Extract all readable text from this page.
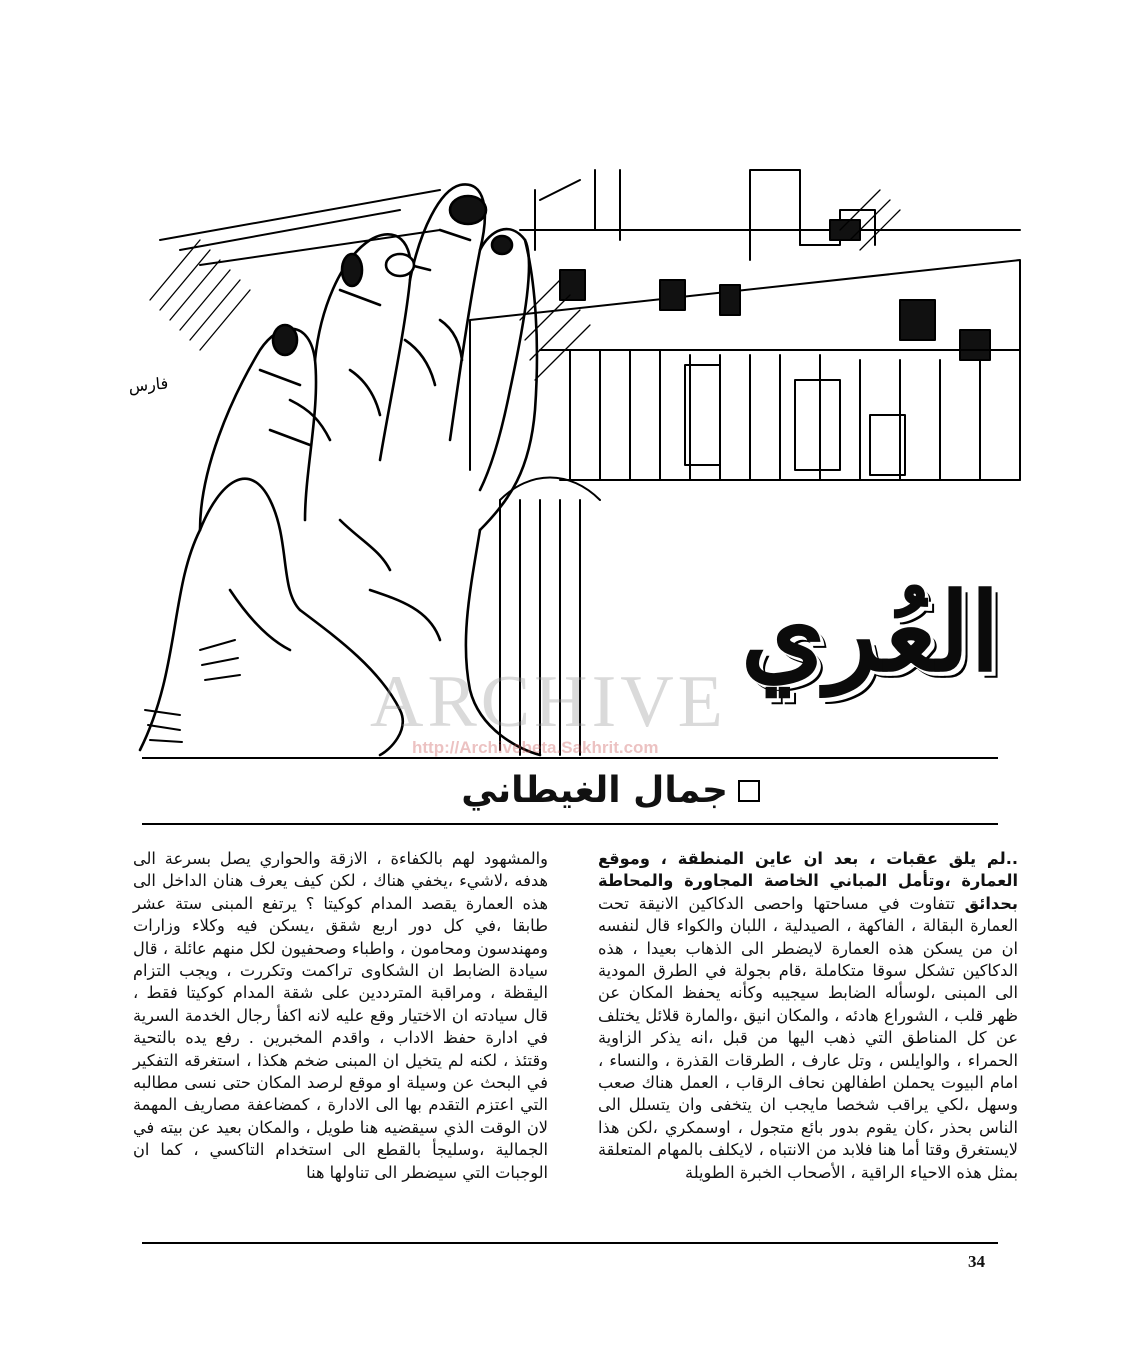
فارس
العُري
ARCHIVE
http://Archivebeta.Sakhrit.com
جمال الغيطاني
..لم يلق عقبات ، بعد ان عاين المنطقة ، وموقع العمارة ،وتأمل المباني الخاصة المجاورة والمحاطة بحدائق تتفاوت في مساحتها واحصى الدكاكين الانيقة تحت العمارة البقالة ، الفاكهة ، الصيدلية ، اللبان والكواء قال لنفسه ان من يسكن هذه العمارة لايضطر الى الذهاب بعيدا ، هذه الدكاكين تشكل سوقا متكاملة ،قام بجولة في الطرق المودية الى المبنى ،لوسأله الضابط سيجيبه وكأنه يحفظ المكان عن ظهر قلب ، الشوراع هادئه ، والمكان انيق ،والمارة قلائل يختلف عن كل المناطق التي ذهب اليها من قبل ،انه يذكر الزاوية الحمراء ، والوايلس ، وتل عارف ، الطرقات القذرة ، والنساء ، امام البيوت يحملن اطفالهن نحاف الرقاب ، العمل هناك صعب وسهل ،لكي يراقب شخصا مايجب ان يتخفى وان يتسلل الى الناس بحذر ،كان يقوم بدور بائع متجول ، اوسمكري ،لكن هذا لايستغرق وقتا أما هنا فلابد من الانتباه ، لايكلف بالمهام المتعلقة بمثل هذه الاحياء الراقية ، الأصحاب الخبرة الطويلة
والمشهود لهم بالكفاءة ، الازقة والحواري يصل بسرعة الى هدفه ،لاشيء ،يخفي هناك ، لكن كيف يعرف هنان الداخل الى هذه العمارة يقصد المدام كوكيتا ؟ يرتفع المبنى ستة عشر طابقا ،في كل دور اربع شقق ،يسكن فيه وكلاء وزارات ومهندسون ومحامون ، واطباء وصحفيون لكل منهم عائلة ، قال سيادة الضابط ان الشكاوى تراكمت وتكررت ، ويجب التزام اليقظة ، ومراقبة المترددين على شقة المدام كوكيتا فقط ، قال سيادته ان الاختيار وقع عليه لانه اكفأ رجال الخدمة السرية في ادارة حفظ الاداب ، واقدم المخبرين . رفع يده بالتحية وقتئذ ، لكنه لم يتخيل ان المبنى ضخم هكذا ، استغرقه التفكير في البحث عن وسيلة او موقع لرصد المكان حتى نسى مطالبه التي اعتزم التقدم بها الى الادارة ، كمضاعفة مصاريف المهمة لان الوقت الذي سيقضيه هنا طويل ، والمكان بعيد عن بيته في الجمالية ،وسليجأ بالقطع الى استخدام التاكسي ، كما ان الوجبات التي سيضطر الى تناولها هنا
34
